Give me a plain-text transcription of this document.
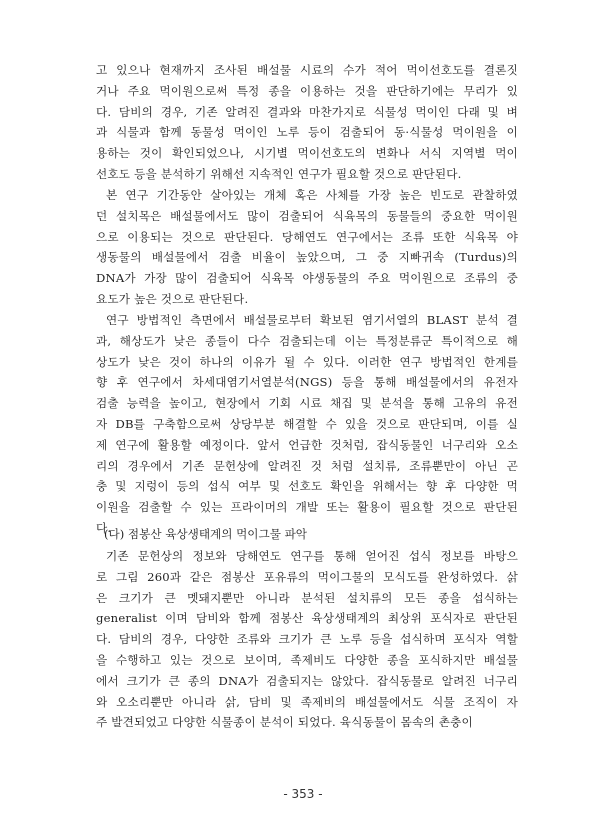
고 있으나 현재까지 조사된 배설물 시료의 수가 적어 먹이선호도를 결론짓
거나 주요 먹이원으로써 특정 종을 이용하는 것을 판단하기에는 무리가 있
다. 담비의 경우, 기존 알려진 결과와 마찬가지로 식물성 먹이인 다래 및 벼
과 식물과 함께 동물성 먹이인 노루 등이 검출되어 동·식물성 먹이원을 이
용하는 것이 확인되었으나, 시기별 먹이선호도의 변화나 서식 지역별 먹이
선호도 등을 분석하기 위해선 지속적인 연구가 필요할 것으로 판단된다.
본 연구 기간동안 살아있는 개체 혹은 사체를 가장 높은 빈도로 관찰하였
던 설치목은 배설물에서도 많이 검출되어 식육목의 동물들의 중요한 먹이원
으로 이용되는 것으로 판단된다. 당해연도 연구에서는 조류 또한 식육목 야
생동물의 배설물에서 검출 비율이 높았으며, 그 중 지빠귀속 (Turdus)의
DNA가 가장 많이 검출되어 식육목 야생동물의 주요 먹이원으로 조류의 중
요도가 높은 것으로 판단된다.
연구 방법적인 측면에서 배설물로부터 확보된 염기서열의 BLAST 분석 결
과, 해상도가 낮은 종들이 다수 검출되는데 이는 특정분류군 특이적으로 해
상도가 낮은 것이 하나의 이유가 될 수 있다. 이러한 연구 방법적인 한계를
향 후 연구에서 차세대염기서열분석(NGS) 등을 통해 배설물에서의 유전자
검출 능력을 높이고, 현장에서 기회 시료 채집 및 분석을 통해 고유의 유전
자 DB를 구축함으로써 상당부분 해결할 수 있을 것으로 판단되며, 이를 실
제 연구에 활용할 예정이다. 앞서 언급한 것처럼, 잡식동물인 너구리와 오소
리의 경우에서 기존 문헌상에 알려진 것 처럼 설치류, 조류뿐만이 아닌 곤
충 및 지렁이 등의 섭식 여부 및 선호도 확인을 위해서는 향 후 다양한 먹
이원을 검출할 수 있는 프라이머의 개발 또는 활용이 필요할 것으로 판단된
다.
(다) 점봉산 육상생태계의 먹이그물 파악
기존 문헌상의 정보와 당해연도 연구를 통해 얻어진 섭식 정보를 바탕으
로 그림 260과 같은 점봉산 포유류의 먹이그물의 모식도를 완성하였다. 삵
은 크기가 큰 멧돼지뿐만 아니라 분석된 설치류의 모든 종을 섭식하는
generalist 이며 담비와 함께 점봉산 육상생태계의 최상위 포식자로 판단된
다. 담비의 경우, 다양한 조류와 크기가 큰 노루 등을 섭식하며 포식자 역할
을 수행하고 있는 것으로 보이며, 족제비도 다양한 종을 포식하지만 배설물
에서 크기가 큰 종의 DNA가 검출되지는 않았다. 잡식동물로 알려진 너구리
와 오소리뿐만 아니라 삵, 담비 및 족제비의 배설물에서도 식물 조직이 자
주 발견되었고 다양한 식물종이 분석이 되었다. 육식동물이 몸속의 촌충이
- 353 -
